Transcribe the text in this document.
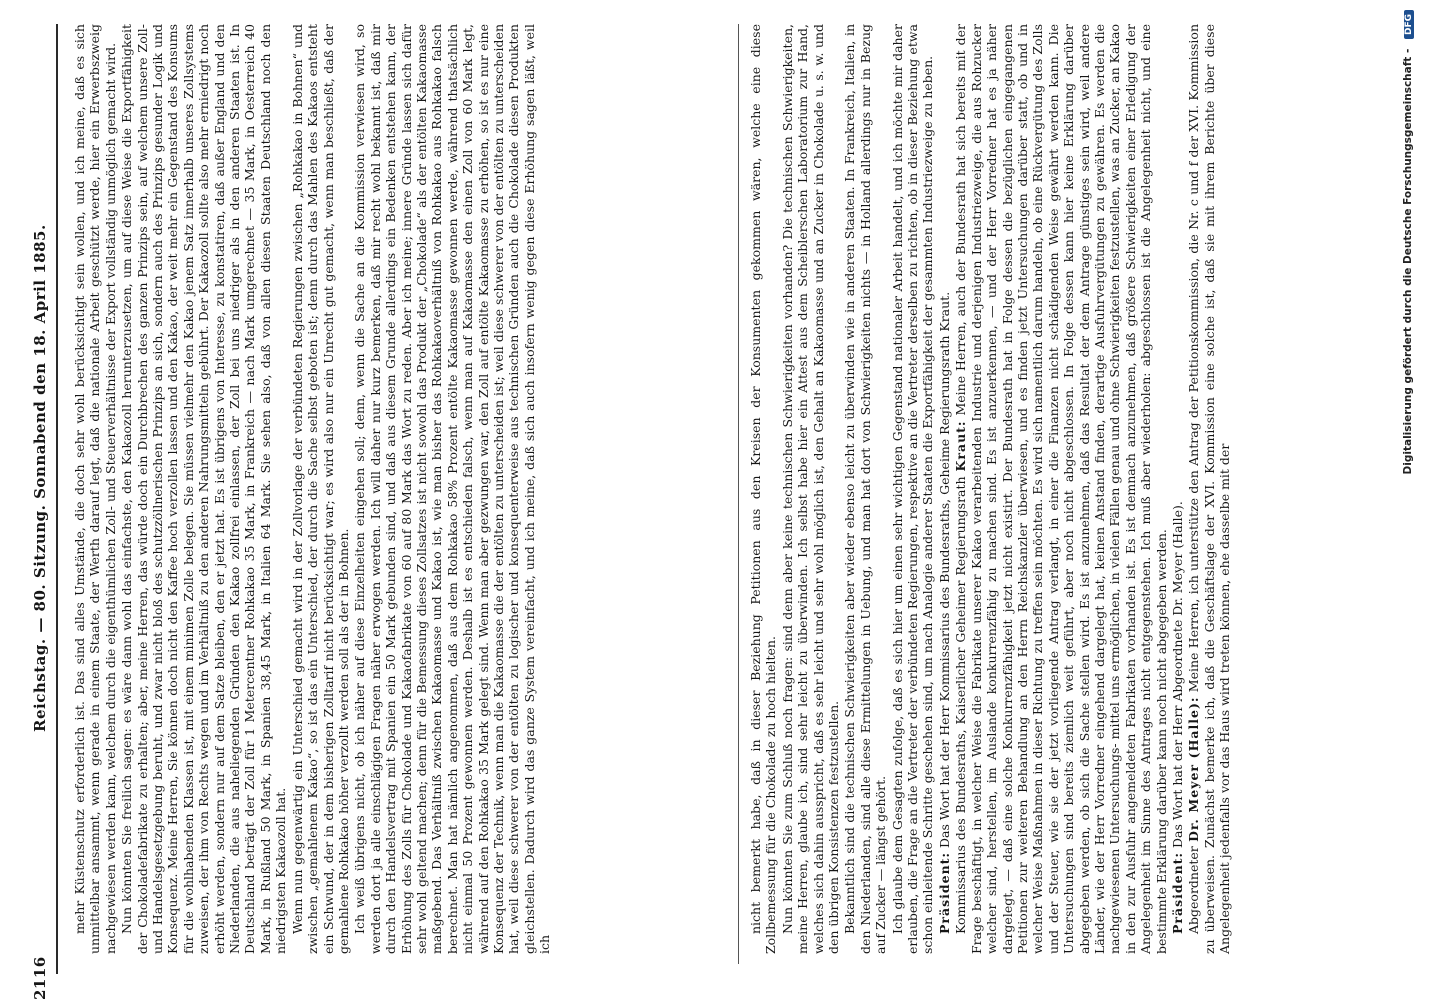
2116
Reichstag. — 80. Sitzung. Sonnabend den 18. April 1885. mehr Küstenschutz erforderlich ist. Das sind alles Umstände, die doch sehr wohl berücksichtigt sein wollen, und ich meine, daß es sich unmittelbar ansammt, wenn gerade in einem Staate, der Werth darauf legt, daß die nationale Arbeit geschützt werde, hier ein Erwerbszweig nachgewiesen werden kann, welchem durch die eigenthümlichen Zoll- und Steuerverhältnisse der Export vollständig unmöglich gemacht wird. Nun könnten Sie freilich sagen: es wäre dann wohl das einfachste, den Kakaozoll herunterzusetzen, um auf diese Weise die Exportfähigkeit der Chokoladefabrikate zu erhalten; aber, meine Herren, das würde doch ein Durchbrechen des ganzen Prinzips sein, auf welchem unsere Zoll- und Handelsgesetzgebung beruht, und zwar nicht bloß des schutzzöllnerischen Prinzips an sich, sondern auch des Prinzips gesunder Logik und Konsequenz. Meine Herren, Sie können doch nicht den Kaffee hoch verzollen lassen und den Kakao, der weit mehr ein Gegenstand des Konsums für die wohlhabenden Klassen ist, mit einem minimen Zolle belegen. Sie müssen vielmehr den Kakao jenem Satz innerhalb unseres Zollsystems zuweisen, der ihm von Rechts wegen und im Verhältniß zu den anderen Nahrungsmitteln gebührt. Der Kakaozoll sollte also mehr erniedrigt noch erhöht werden, sondern nur auf dem Satze bleiben, den er jetzt hat. Es ist übrigens von Interesse, zu konstatiren, daß außer England und den Niederlanden, die aus naheliegenden Gründen den Kakao zollfrei einlassen, der Zoll bei uns niedriger als in den anderen Staaten ist. In Deutschland beträgt der Zoll für 1 Metercentner Rohkakao 35 Mark, in Frankreich — nach Mark umgerechnet — 35 Mark, in Oesterreich 40 Mark, in Rußland 50 Mark, in Spanien 38,45 Mark, in Italien 64 Mark. Sie sehen also, daß von allen diesen Staaten Deutschland noch den niedrigsten Kakaozoll hat. Wenn nun gegenwärtig ein Unterschied gemacht wird in der Zollvorlage der verbündeten Regierungen zwischen „Rohkakao in Bohnen“ und zwischen „gemahlenem Kakao“, so ist das ein Unterschied, der durch die Sache selbst geboten ist; denn durch das Mahlen des Kakaos entsteht ein Schwund, der in dem bisherigen Zolltarif nicht berücksichtigt war; es wird also nur ein Unrecht gut gemacht, wenn man beschließt, daß der gemahlene Rohkakao höher verzollt werden soll als der in Bohnen. Ich weiß übrigens nicht, ob ich näher auf diese Einzelheiten eingehen soll; denn, wenn die Sache an die Kommission verwiesen wird, so werden dort ja alle einschlägigen Fragen näher erwogen werden. Ich will daher nur kurz bemerken, daß mir recht wohl bekannt ist, daß mir durch den Handelsvertrag mit Spanien ein 50 Mark gebunden sind, und daß aus diesem Grunde allerdings ein Bedenken entstehen kann, der Erhöhung des Zolls für Chokolade und Kakaofabrikate von 60 auf 80 Mark das Wort zu reden. Aber ich meine; innere Gründe lassen sich dafür sehr wohl geltend machen; denn für die Bemessung dieses Zollsatzes ist nicht sowohl das Produkt der „Chokolade“ als der entölten Kakaomasse maßgebend. Das Verhältniß zwischen Kakaomasse und Kakao ist, wie man bisher das Rohkakaoverhältniß von Rohkakao aus Rohkakao falsch berechnet. Man hat nämlich angenommen, daß aus dem Rohkakao 58% Prozent entölte Kakaomasse gewonnen werde, während thatsächlich nicht einmal 50 Prozent gewonnen werden. Deshalb ist es entschieden falsch, wenn man auf Kakaomasse den einen Zoll von 60 Mark legt, während auf den Rohkakao 35 Mark gelegt sind. Wenn man aber gezwungen war, den Zoll auf entölte Kakaomasse zu erhöhen, so ist es nur eine Konsequenz der Technik, wenn man die Kakaomasse die der entölten zu unterscheiden ist; weil diese schwerer von der entölten zu unterscheiden hat, weil diese schwerer von der entölten zu logischer und konsequenterweise aus technischen Gründen auch die Chokolade diesen Produkten gleichstellen. Dadurch wird das ganze System vereinfacht, und ich meine, daß sich auch insofern wenig gegen diese Erhöhung sagen läßt, weil ich

nicht bemerkt habe, daß in dieser Beziehung Petitionen aus den Kreisen der Konsumenten gekommen wären, welche eine diese Zollbemessung für die Chokolade zu hoch hielten. Nun könnten Sie zum Schluß noch fragen: sind denn aber keine technischen Schwierigkeiten vorhanden? Die technischen Schwierigkeiten, meine Herren, glaube ich, sind sehr leicht zu überwinden. Ich selbst habe hier ein Attest aus dem Scheiblerschen Laboratorium zur Hand, welches sich dahin ausspricht, daß es sehr leicht und sehr wohl möglich ist, den Gehalt an Kakaomasse und an Zucker in Chokolade u. s. w. und den übrigen Konsistenzen festzustellen. Bekanntlich sind die technischen Schwierigkeiten aber wieder ebenso leicht zu überwinden wie in anderen Staaten. In Frankreich, Italien, in den Niederlanden, sind alle diese Ermittelungen in Uebung, und man hat dort von Schwierigkeiten nichts — in Holland allerdings nur in Bezug auf Zucker — längst gehört. Ich glaube dem Gesagten zufolge, daß es sich hier um einen sehr wichtigen Gegenstand nationaler Arbeit handelt, und ich möchte mir daher erlauben, die Frage an die Vertreter der verbündeten Regierungen, respektive an die Vertreter derselben zu richten, ob in dieser Beziehung etwa schon einleitende Schritte geschehen sind, um nach Analogie anderer Staaten die Exportfähigkeit der gesammten Industriezweige zu heben. Präsident: Das Wort hat der Herr Kommissarius des Bundesraths, Geheime Regierungsrath Kraut. Kommissarius des Bundesraths, Kaiserlicher Geheimer Regierungsrath Kraut: Meine Herren, auch der Bundesrath hat sich bereits mit der Frage beschäftigt, in welcher Weise die Fabrikate unserer Kakao verarbeitenden Industrie und derjenigen Industriezweige, die aus Rohzucker welcher sind, herstellen, im Auslande konkurrenzfähig zu machen sind. Es ist anzuerkennen, — und der Herr Vorredner hat es ja näher dargelegt, — daß eine solche Konkurrenzfähigkeit jetzt nicht existirt. Der Bundesrath hat in Folge dessen die bezüglichen eingegangenen Petitionen zur weiteren Behandlung an den Herrn Reichskanzler überwiesen, und es finden jetzt Untersuchungen darüber statt, ob und in welcher Weise Maßnahmen in dieser Richtung zu treffen sein möchten. Es wird sich namentlich darum handeln, ob eine Rückvergütung des Zolls und der Steuer, wie sie der jetzt vorliegende Antrag verlangt, in einer die Finanzen nicht schädigenden Weise gewährt werden kann. Die Untersuchungen sind bereits ziemlich weit geführt, aber noch nicht abgeschlossen. In Folge dessen kann hier keine Erklärung darüber abgegeben werden, ob sich die Sache stellen wird. Es ist anzunehmen, daß das Resultat der dem Antrage günstiges sein wird, weil andere Länder, wie der Herr Vorredner eingehend dargelegt hat, keinen Anstand finden, derartige Ausfuhrvergütungen zu gewähren. Es werden die nachgewiesenen Untersuchungs- mittel uns ermöglichen, in vielen Fällen genau und ohne Schwierigkeiten festzustellen, was an Zucker, an Kakao in den zur Ausfuhr angemeldeten Fabrikaten vorhanden ist. Es ist demnach anzunehmen, daß größere Schwierigkeiten einer Erledigung der Angelegenheit im Sinne des Antrages nicht entgegenstehen. Ich muß aber wiederholen: abgeschlossen ist die Angelegenheit nicht, und eine bestimmte Erklärung darüber kann noch nicht abgegeben werden. Präsident: Das Wort hat der Herr Abgeordnete Dr. Meyer (Halle).

Abgeordneter Dr. Meyer (Halle): Meine Herren, ich unterstütze den Antrag der Petitionskommission, die Nr. c und f der XVI. Kommission zu überweisen. Zunächst bemerke ich, daß die Geschäftslage der XVI. Kommission eine solche ist, daß sie mit ihrem Berichte über diese Angelegenheit jedenfalls vor das Haus wird treten können, ehe dasselbe mit der

Digitalisierung gefördert durch die Deutsche Forschungsgemeinschaft - DFG
